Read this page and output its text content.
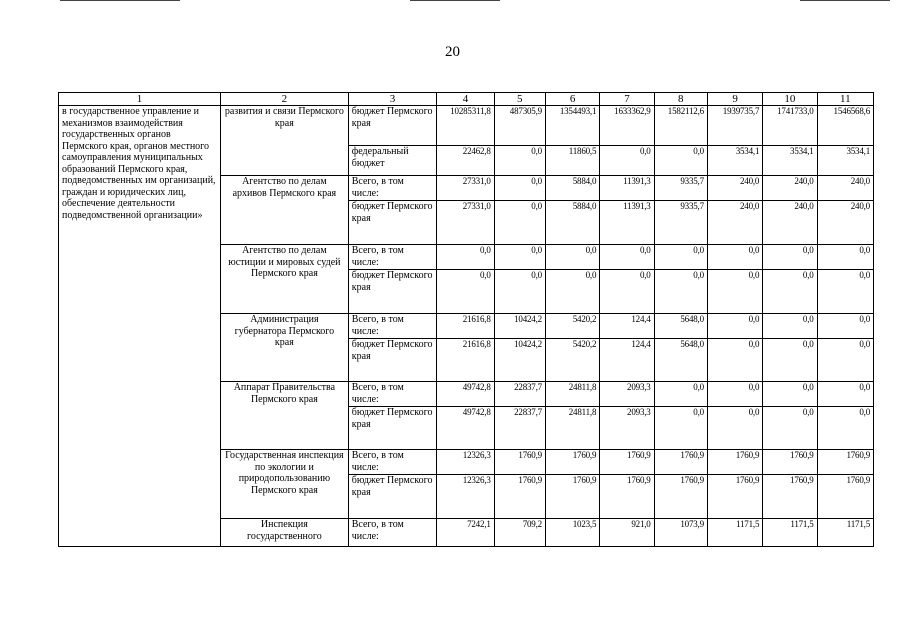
20
1	2	3	4	5	6	7	8	9	10	11
в государственное управление и механизмов взаимодействия государственных органов Пермского края, органов местного самоуправления муниципальных образований Пермского края, подведомственных им организаций, граждан и юридических лиц, обеспечение деятельности подведомственной организации»	развития и связи Пермского края	бюджет Пермского края	10285311,8	487305,9	1354493,1	1633362,9	1582112,6	1939735,7	1741733,0	1546568,6
		федеральный бюджет	22462,8	0,0	11860,5	0,0	0,0	3534,1	3534,1	3534,1
	Агентство по делам архивов Пермского края	Всего, в том числе:	27331,0	0,0	5884,0	11391,3	9335,7	240,0	240,0	240,0
		бюджет Пермского края	27331,0	0,0	5884,0	11391,3	9335,7	240,0	240,0	240,0
	Агентство по делам юстиции и мировых судей Пермского края	Всего, в том числе:	0,0	0,0	0,0	0,0	0,0	0,0	0,0	0,0
		бюджет Пермского края	0,0	0,0	0,0	0,0	0,0	0,0	0,0	0,0
	Администрация губернатора Пермского края	Всего, в том числе:	21616,8	10424,2	5420,2	124,4	5648,0	0,0	0,0	0,0
		бюджет Пермского края	21616,8	10424,2	5420,2	124,4	5648,0	0,0	0,0	0,0
	Аппарат Правительства Пермского края	Всего, в том числе:	49742,8	22837,7	24811,8	2093,3	0,0	0,0	0,0	0,0
		бюджет Пермского края	49742,8	22837,7	24811,8	2093,3	0,0	0,0	0,0	0,0
	Государственная инспекция по экологии и природопользованию Пермского края	Всего, в том числе:	12326,3	1760,9	1760,9	1760,9	1760,9	1760,9	1760,9	1760,9
		бюджет Пермского края	12326,3	1760,9	1760,9	1760,9	1760,9	1760,9	1760,9	1760,9
	Инспекция государственного	Всего, в том числе:	7242,1	709,2	1023,5	921,0	1073,9	1171,5	1171,5	1171,5
